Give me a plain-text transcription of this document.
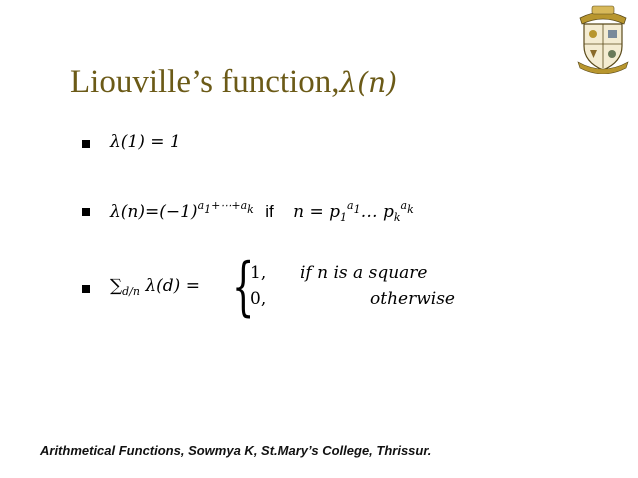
Liouville’s function,λ(n)
λ(1) = 1
$\lambda(n)=(-1)^{a_1+\cdots+a_k}$ if $n = p_1^{a_1}\dots$ $p_k^{a_k}$
$\sum_{d/n}$ λ(d) = {
1, if n is a square
0,	otherwise
Arithmetical Functions, Sowmya K, St.Mary’s College, Thrissur.
